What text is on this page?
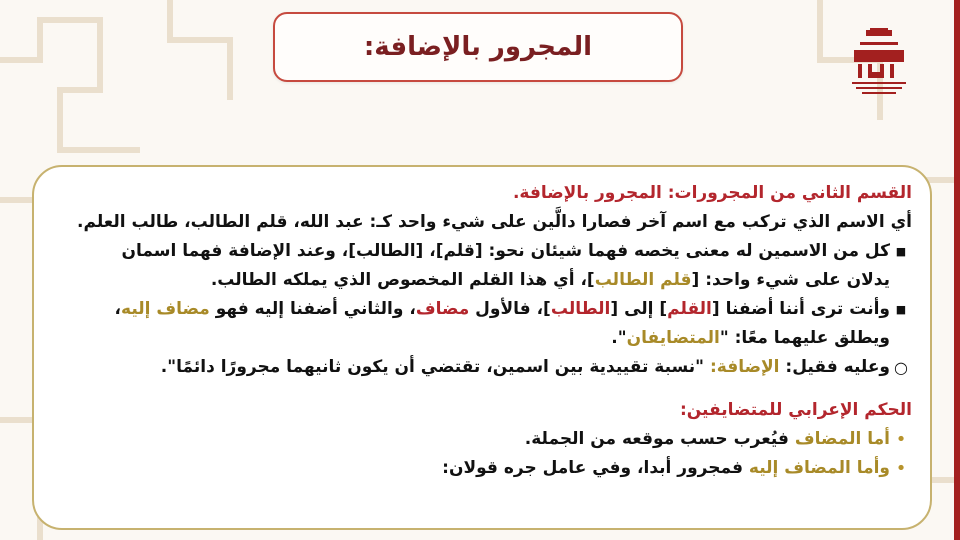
المجرور بالإضافة:
القسم الثاني من المجرورات: المجرور بالإضافة.
أي الاسم الذي تركب مع اسم آخر فصارا دالَّين على شيء واحد كـ: عبد الله، قلم الطالب، طالب العلم.
■
كل من الاسمين له معنى يخصه فهما شيئان نحو: [قلم]، [الطالب]، وعند الإضافة فهما اسمان
يدلان على شيء واحد: [قلم الطالب]، أي هذا القلم المخصوص الذي يملكه الطالب.
■
وأنت ترى أننا أضفنا [القلم] إلى [الطالب]، فالأول مضاف، والثاني أضفنا إليه فهو مضاف إليه،
ويطلق عليهما معًا: "المتضايفان".
○
وعليه فقيل: الإضافة: "نسبة تقييدية بين اسمين، تقتضي أن يكون ثانيهما مجرورًا دائمًا".
الحكم الإعرابي للمتضايفين:
•
أما المضاف فيُعرب حسب موقعه من الجملة.
•
وأما المضاف إليه فمجرور أبدا، وفي عامل جره قولان:
